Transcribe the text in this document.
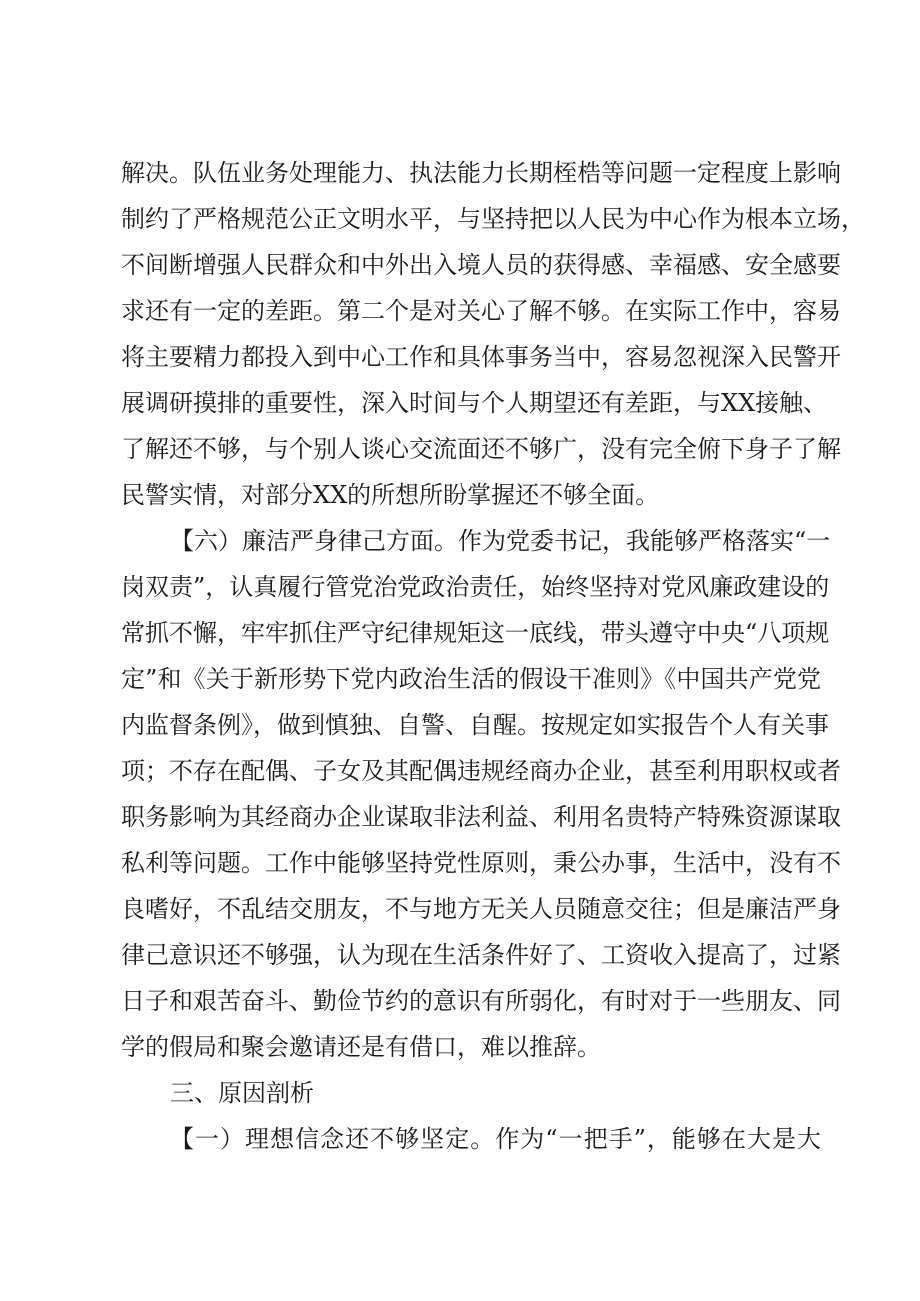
解决。队伍业务处理能力、执法能力长期桎梏等问题一定程度上影响
制约了严格规范公正文明水平，与坚持把以人民为中心作为根本立场，
不间断增强人民群众和中外出入境人员的获得感、幸福感、安全感要
求还有一定的差距。第二个是对关心了解不够。在实际工作中，容易
将主要精力都投入到中心工作和具体事务当中，容易忽视深入民警开
展调研摸排的重要性，深入时间与个人期望还有差距，与XX接触、
了解还不够，与个别人谈心交流面还不够广，没有完全俯下身子了解
民警实情，对部分XX的所想所盼掌握还不够全面。
【六）廉洁严身律己方面。作为党委书记，我能够严格落实“一
岗双责”，认真履行管党治党政治责任，始终坚持对党风廉政建设的
常抓不懈，牢牢抓住严守纪律规矩这一底线，带头遵守中央“八项规
定”和《关于新形势下党内政治生活的假设干准则》《中国共产党党
内监督条例》，做到慎独、自警、自醒。按规定如实报告个人有关事
项；不存在配偶、子女及其配偶违规经商办企业，甚至利用职权或者
职务影响为其经商办企业谋取非法利益、利用名贵特产特殊资源谋取
私利等问题。工作中能够坚持党性原则，秉公办事，生活中，没有不
良嗜好，不乱结交朋友，不与地方无关人员随意交往；但是廉洁严身
律己意识还不够强，认为现在生活条件好了、工资收入提高了，过紧
日子和艰苦奋斗、勤俭节约的意识有所弱化，有时对于一些朋友、同
学的假局和聚会邀请还是有借口，难以推辞。
三、原因剖析
【一）理想信念还不够坚定。作为“一把手”，能够在大是大
